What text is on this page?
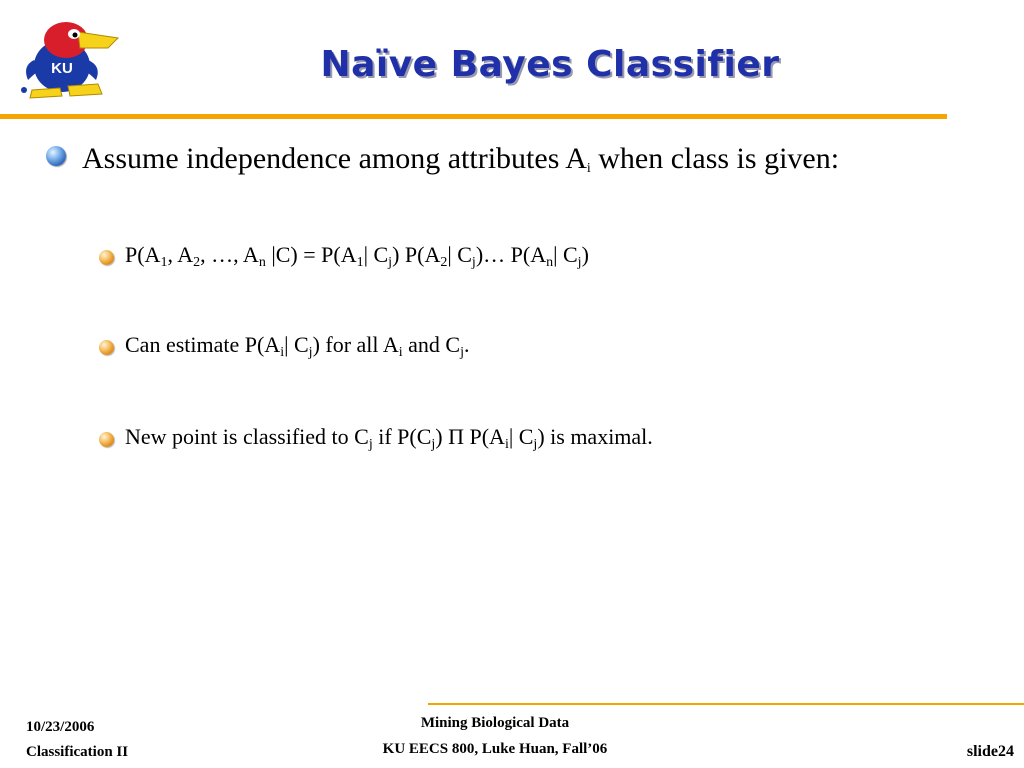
KU	Naïve Bayes Classifier
Assume independence among attributes $A_i$ when class is given:
$P(A_1$, $A_2$, …, $A_n$ $|C) = P(A_1|$ $C_j$) $P(A_2|$ $C_j)\dots$ $P(A_n|$ $C_j$)
Can estimate $P(A_i|$ $C_j$) for all $A_i$ and $C_j$.
New point is classified to $C_j$ if $P(C_j)$ Π $P(A_i|$ $C_j$) is maximal.
10/23/2006
Classification II
Mining Biological Data
KU EECS 800, Luke Huan, Fall’06	slide24
